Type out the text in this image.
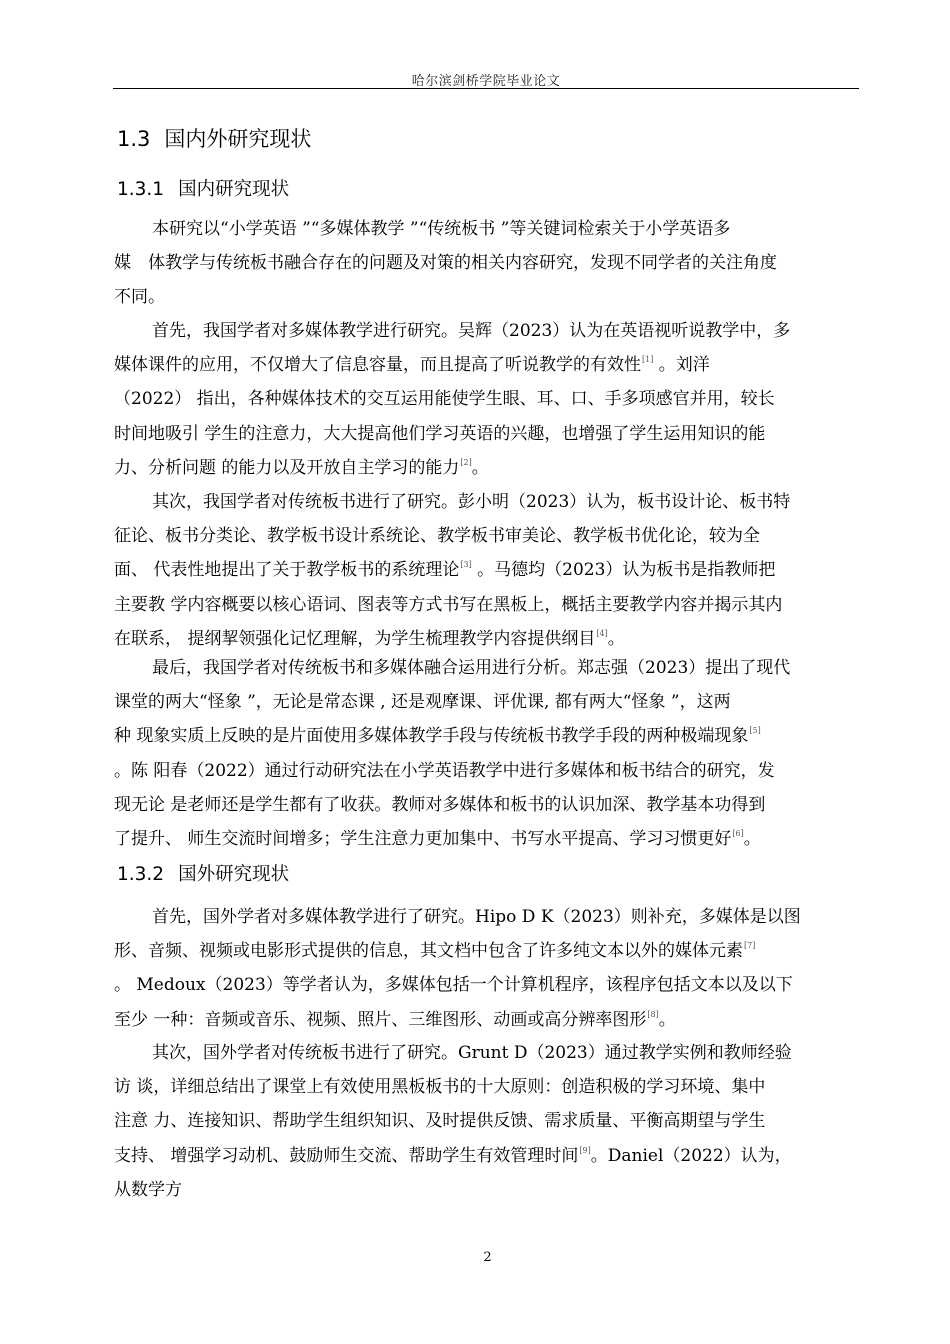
哈尔滨剑桥学院毕业论文
1.3 国内外研究现状
1.3.1 国内研究现状
本研究以“小学英语 ”“多媒体教学 ”“传统板书 ”等关键词检索关于小学英语多
媒　体教学与传统板书融合存在的问题及对策的相关内容研究，发现不同学者的关注角度
不同。
首先，我国学者对多媒体教学进行研究。吴辉（2023）认为在英语视听说教学中，多
媒体课件的应用，不仅增大了信息容量，而且提高了听说教学的有效性[1] 。刘洋
（2022） 指出，各种媒体技术的交互运用能使学生眼、耳、口、手多项感官并用，较长
时间地吸引 学生的注意力，大大提高他们学习英语的兴趣，也增强了学生运用知识的能
力、分析问题 的能力以及开放自主学习的能力[2]。
其次，我国学者对传统板书进行了研究。彭小明（2023）认为，板书设计论、板书特
征论、板书分类论、教学板书设计系统论、教学板书审美论、教学板书优化论，较为全
面、 代表性地提出了关于教学板书的系统理论[3] 。马德均（2023）认为板书是指教师把
主要教 学内容概要以核心语词、图表等方式书写在黑板上，概括主要教学内容并揭示其内
在联系， 提纲挈领强化记忆理解，为学生梳理教学内容提供纲目[4]。
最后，我国学者对传统板书和多媒体融合运用进行分析。郑志强（2023）提出了现代
课堂的两大“怪象 ”，无论是常态课 , 还是观摩课、评优课, 都有两大“怪象 ”，这两
种 现象实质上反映的是片面使用多媒体教学手段与传统板书教学手段的两种极端现象[5]
。陈 阳春（2022）通过行动研究法在小学英语教学中进行多媒体和板书结合的研究，发
现无论 是老师还是学生都有了收获。教师对多媒体和板书的认识加深、教学基本功得到
了提升、 师生交流时间增多；学生注意力更加集中、书写水平提高、学习习惯更好[6]。
1.3.2 国外研究现状
首先，国外学者对多媒体教学进行了研究。Hipo D K（2023）则补充，多媒体是以图
形、音频、视频或电影形式提供的信息，其文档中包含了许多纯文本以外的媒体元素[7]
。 Medoux（2023）等学者认为，多媒体包括一个计算机程序，该程序包括文本以及以下
至少 一种：音频或音乐、视频、照片、三维图形、动画或高分辨率图形[8]。
其次，国外学者对传统板书进行了研究。Grunt D（2023）通过教学实例和教师经验
访 谈，详细总结出了课堂上有效使用黑板板书的十大原则：创造积极的学习环境、集中
注意 力、连接知识、帮助学生组织知识、及时提供反馈、需求质量、平衡高期望与学生
支持、 增强学习动机、鼓励师生交流、帮助学生有效管理时间[9]。Daniel（2022）认为，
从数学方
2
